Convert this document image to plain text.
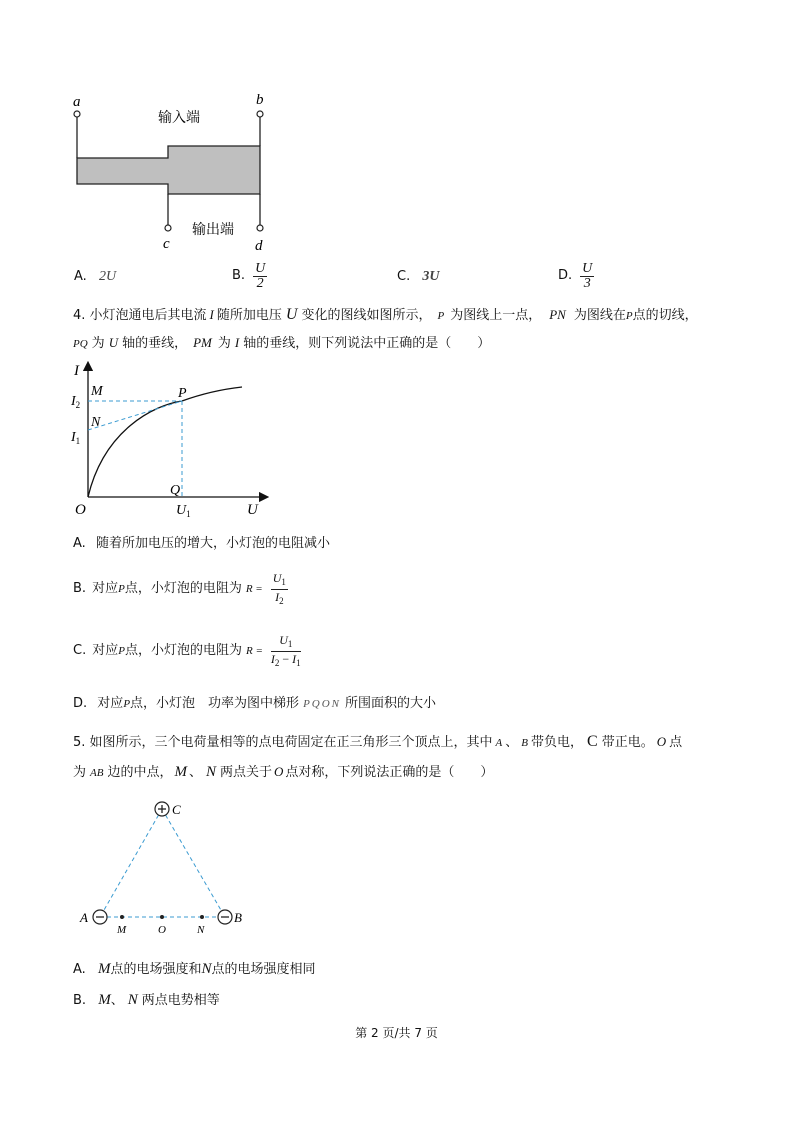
a	b
输入端
输出端
c	d
A. 2U	B. $\frac{U}{2}$	C. 3U	D. $\frac{U}{3}$
4. 小灯泡通电后其电流 I 随所加电压 U 变化的图线如图所示， P 为图线上一点， PN 为图线在P点的切线，
PQ 为 U 轴的垂线， PM 为 I 轴的垂线，则下列说法中正确的是（　　）
I
U
O
M	P
N
Q
$I_2$
$I_1$
$U_1$
A. 随着所加电压的增大，小灯泡的电阻减小
B. 对应 P 点，小灯泡的电阻为 $R = \frac{U_1}{I_2}$
C. 对应 P 点，小灯泡的电阻为 $R = \frac{U_1}{I_2 - I_1}$
D. 对应P点，小灯泡　功率为图中梯形 PQON 所围面积的大小
5. 如图所示，三个电荷量相等的点电荷固定在正三角形三个顶点上，其中 A 、 B 带负电， C 带正电。 O 点
为 AB 边的中点， M 、 N 两点关于 O 点对称，下列说法正确的是（　　）
C
A	B
M	O	N
A. M点的电场强度和N点的电场强度相同
B. M、 N 两点电势相等
第 2 页/共 7 页
